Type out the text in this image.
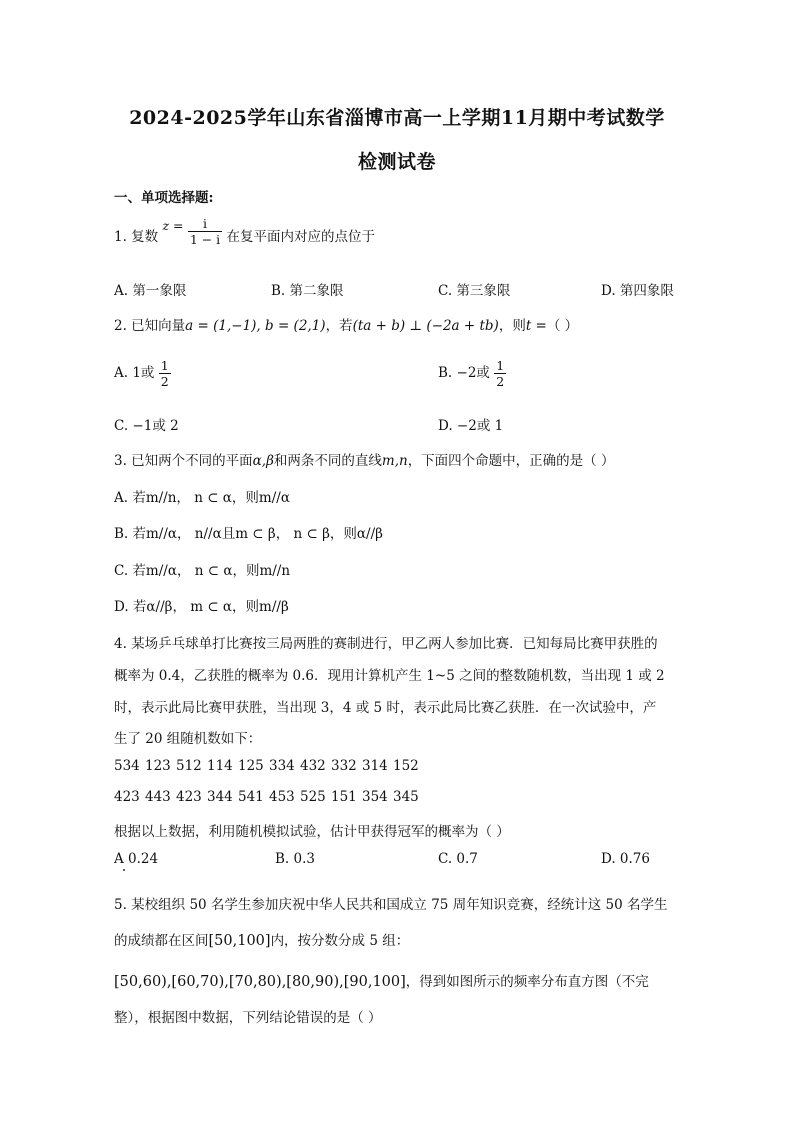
2024-2025学年山东省淄博市高一上学期11月期中考试数学
检测试卷
一、单项选择题:
1. 复数 $z = \frac{i}{1 - i}$ 在复平面内对应的点位于
A. 第一象限	B. 第二象限	C. 第三象限	D. 第四象限
2. 已知向量a = (1,−1), b = (2,1)，若(ta + b) ⊥ (−2a + tb)，则t =（ ）
A. 1或 $\frac{1}{2}$	B. −2或 $\frac{1}{2}$
C. −1或 2	D. −2或 1
3. 已知两个不同的平面α,β和两条不同的直线m,n，下面四个命题中，正确的是（ ）
A. 若m//n， n ⊂ α，则m//α
B. 若m//α， n//α且m ⊂ β， n ⊂ β，则α//β
C. 若m//α， n ⊂ α，则m//n
D. 若α//β， m ⊂ α，则m//β
4. 某场乒乓球单打比赛按三局两胜的赛制进行，甲乙两人参加比赛．已知每局比赛甲获胜的
概率为 0.4，乙获胜的概率为 0.6．现用计算机产生 1~5 之间的整数随机数，当出现 1 或 2
时，表示此局比赛甲获胜，当出现 3，4 或 5 时，表示此局比赛乙获胜．在一次试验中，产
生了 20 组随机数如下：
534 123 512 114 125 334 432 332 314 152
423 443 423 344 541 453 525 151 354 345
根据以上数据，利用随机模拟试验，估计甲获得冠军的概率为（ ）
A 0.24	B. 0.3	C. 0.7	D. 0.76
5. 某校组织 50 名学生参加庆祝中华人民共和国成立 75 周年知识竞赛，经统计这 50 名学生
的成绩都在区间[50,100]内，按分数分成 5 组：
[50,60),[60,70),[70,80),[80,90),[90,100]，得到如图所示的频率分布直方图（不完
整），根据图中数据，下列结论错误的是（ ）
